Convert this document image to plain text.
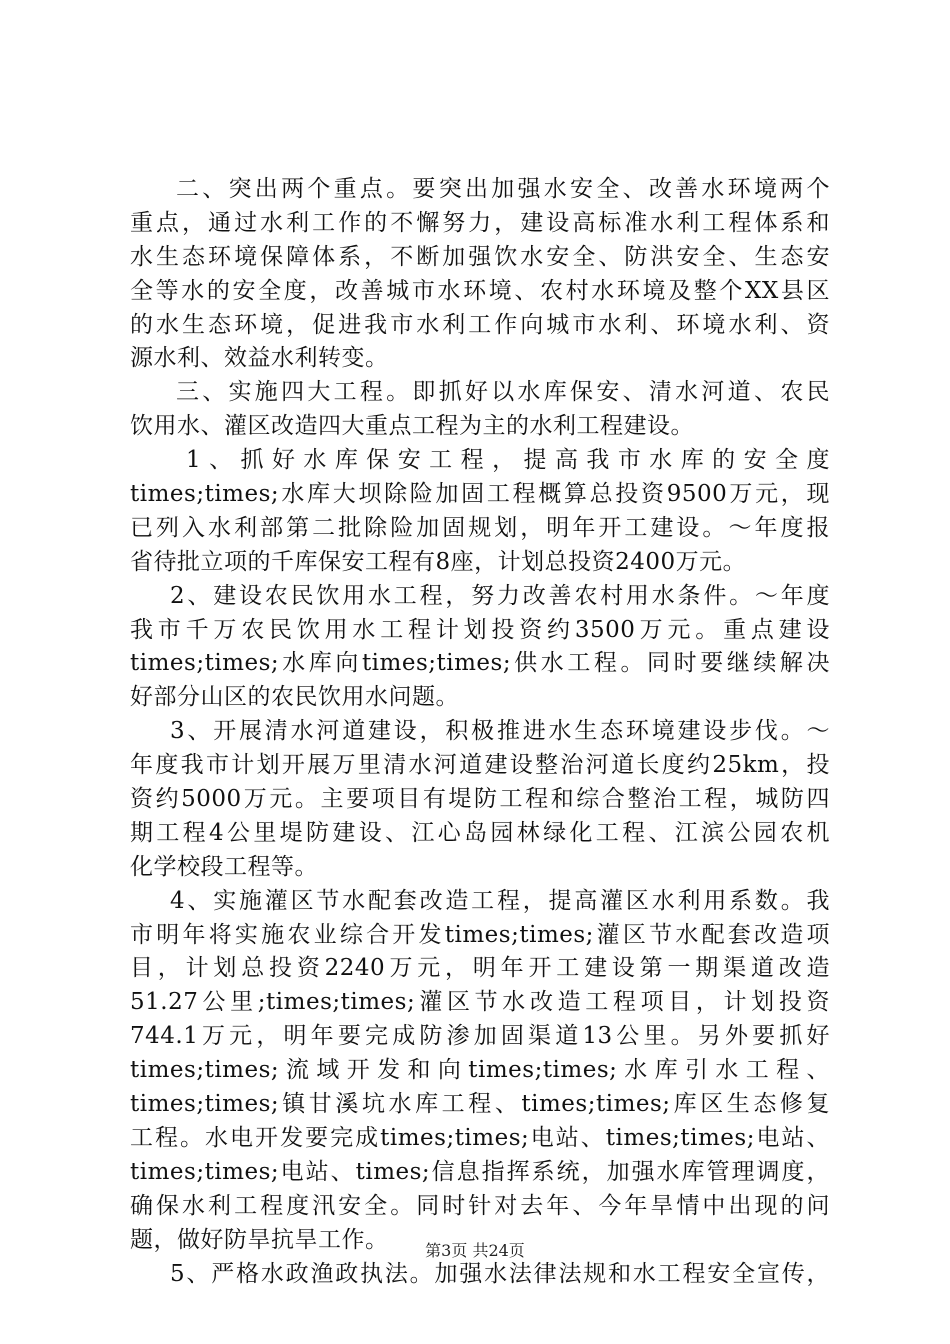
二、突出两个重点。要突出加强水安全、改善水环境两个
重点，通过水利工作的不懈努力，建设高标准水利工程体系和
水生态环境保障体系，不断加强饮水安全、防洪安全、生态安
全等水的安全度，改善城市水环境、农村水环境及整个XX县区
的水生态环境，促进我市水利工作向城市水利、环境水利、资
源水利、效益水利转变。
三、实施四大工程。即抓好以水库保安、清水河道、农民
饮用水、灌区改造四大重点工程为主的水利工程建设。
1、抓好水库保安工程，提高我市水库的安全度
times;times;水库大坝除险加固工程概算总投资9500万元，现
已列入水利部第二批除险加固规划，明年开工建设。～年度报
省待批立项的千库保安工程有8座，计划总投资2400万元。
2、建设农民饮用水工程，努力改善农村用水条件。～年度
我市千万农民饮用水工程计划投资约3500万元。重点建设
times;times;水库向times;times;供水工程。同时要继续解决
好部分山区的农民饮用水问题。
3、开展清水河道建设，积极推进水生态环境建设步伐。～
年度我市计划开展万里清水河道建设整治河道长度约25km，投
资约5000万元。主要项目有堤防工程和综合整治工程，城防四
期工程4公里堤防建设、江心岛园林绿化工程、江滨公园农机
化学校段工程等。
4、实施灌区节水配套改造工程，提高灌区水利用系数。我
市明年将实施农业综合开发times;times;灌区节水配套改造项
目，计划总投资2240万元，明年开工建设第一期渠道改造
51.27公里;times;times;灌区节水改造工程项目，计划投资
744.1万元，明年要完成防渗加固渠道13公里。另外要抓好
times;times;流域开发和向times;times;水库引水工程、
times;times;镇甘溪坑水库工程、times;times;库区生态修复
工程。水电开发要完成times;times;电站、times;times;电站、
times;times;电站、times;信息指挥系统，加强水库管理调度，
确保水利工程度汛安全。同时针对去年、今年旱情中出现的问
题，做好防旱抗旱工作。
5、严格水政渔政执法。加强水法律法规和水工程安全宣传，
第3页 共24页
